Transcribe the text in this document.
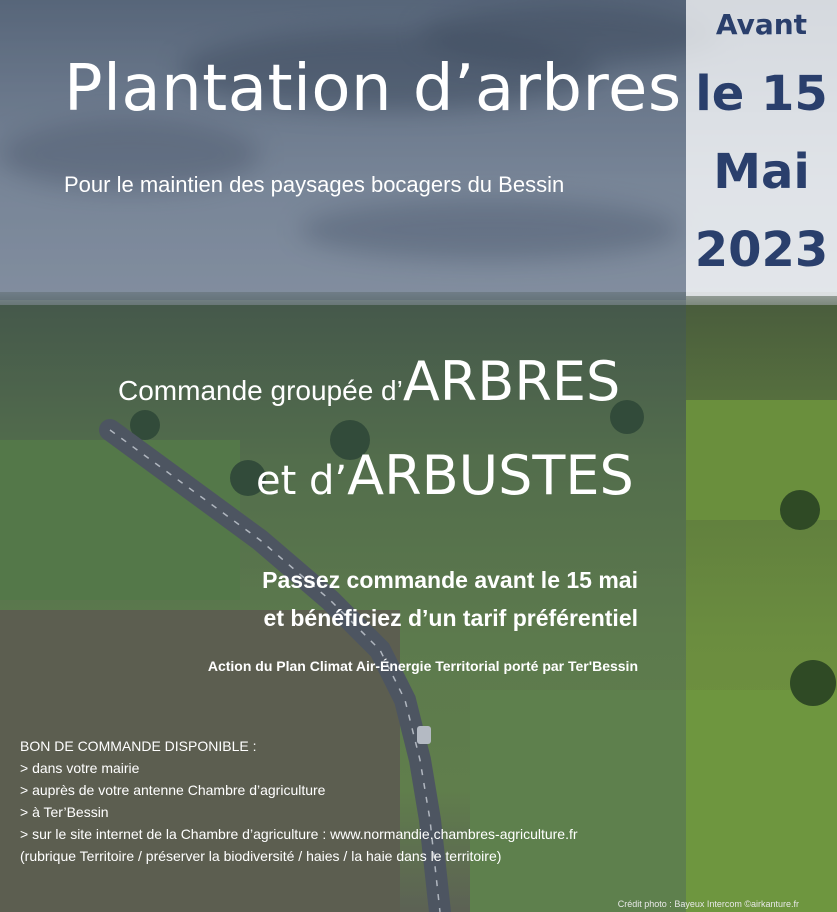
Avant
le 15
Mai
2023
Plantation d’arbres
Pour le maintien des paysages bocagers du Bessin
Commande groupée d’ARBRES
et d’ARBUSTES
Passez commande avant le 15 mai
et bénéficiez d’un tarif préférentiel
Action du Plan Climat Air-Énergie Territorial porté par Ter'Bessin
BON DE COMMANDE DISPONIBLE :
> dans votre mairie
> auprès de votre antenne Chambre d’agriculture
> à Ter’Bessin
> sur le site internet de la Chambre d’agriculture : www.normandie.chambres-agriculture.fr
(rubrique Territoire / préserver la biodiversité / haies / la haie dans le territoire)
Crédit photo : Bayeux Intercom ©airkanture.fr
